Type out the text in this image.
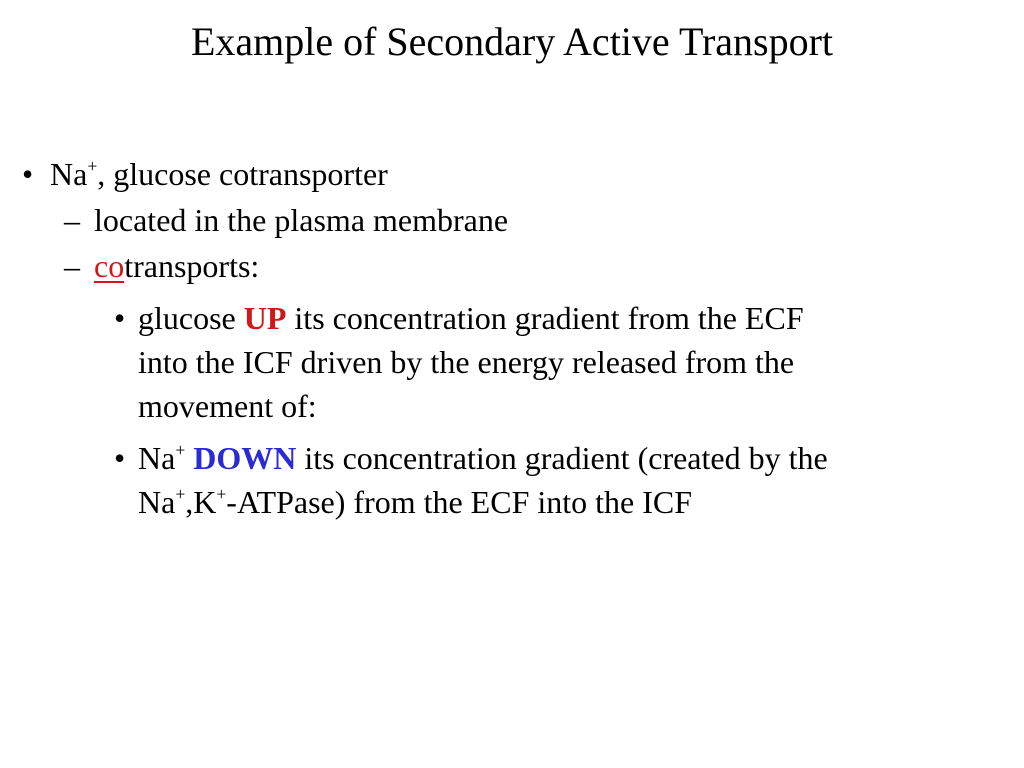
Example of Secondary Active Transport
• Na+, glucose cotransporter
– located in the plasma membrane
– cotransports:
• glucose UP its concentration gradient from the ECF
into the ICF driven by the energy released from the
movement of:
• Na+ DOWN its concentration gradient (created by the
Na+,K+-ATPase) from the ECF into the ICF
